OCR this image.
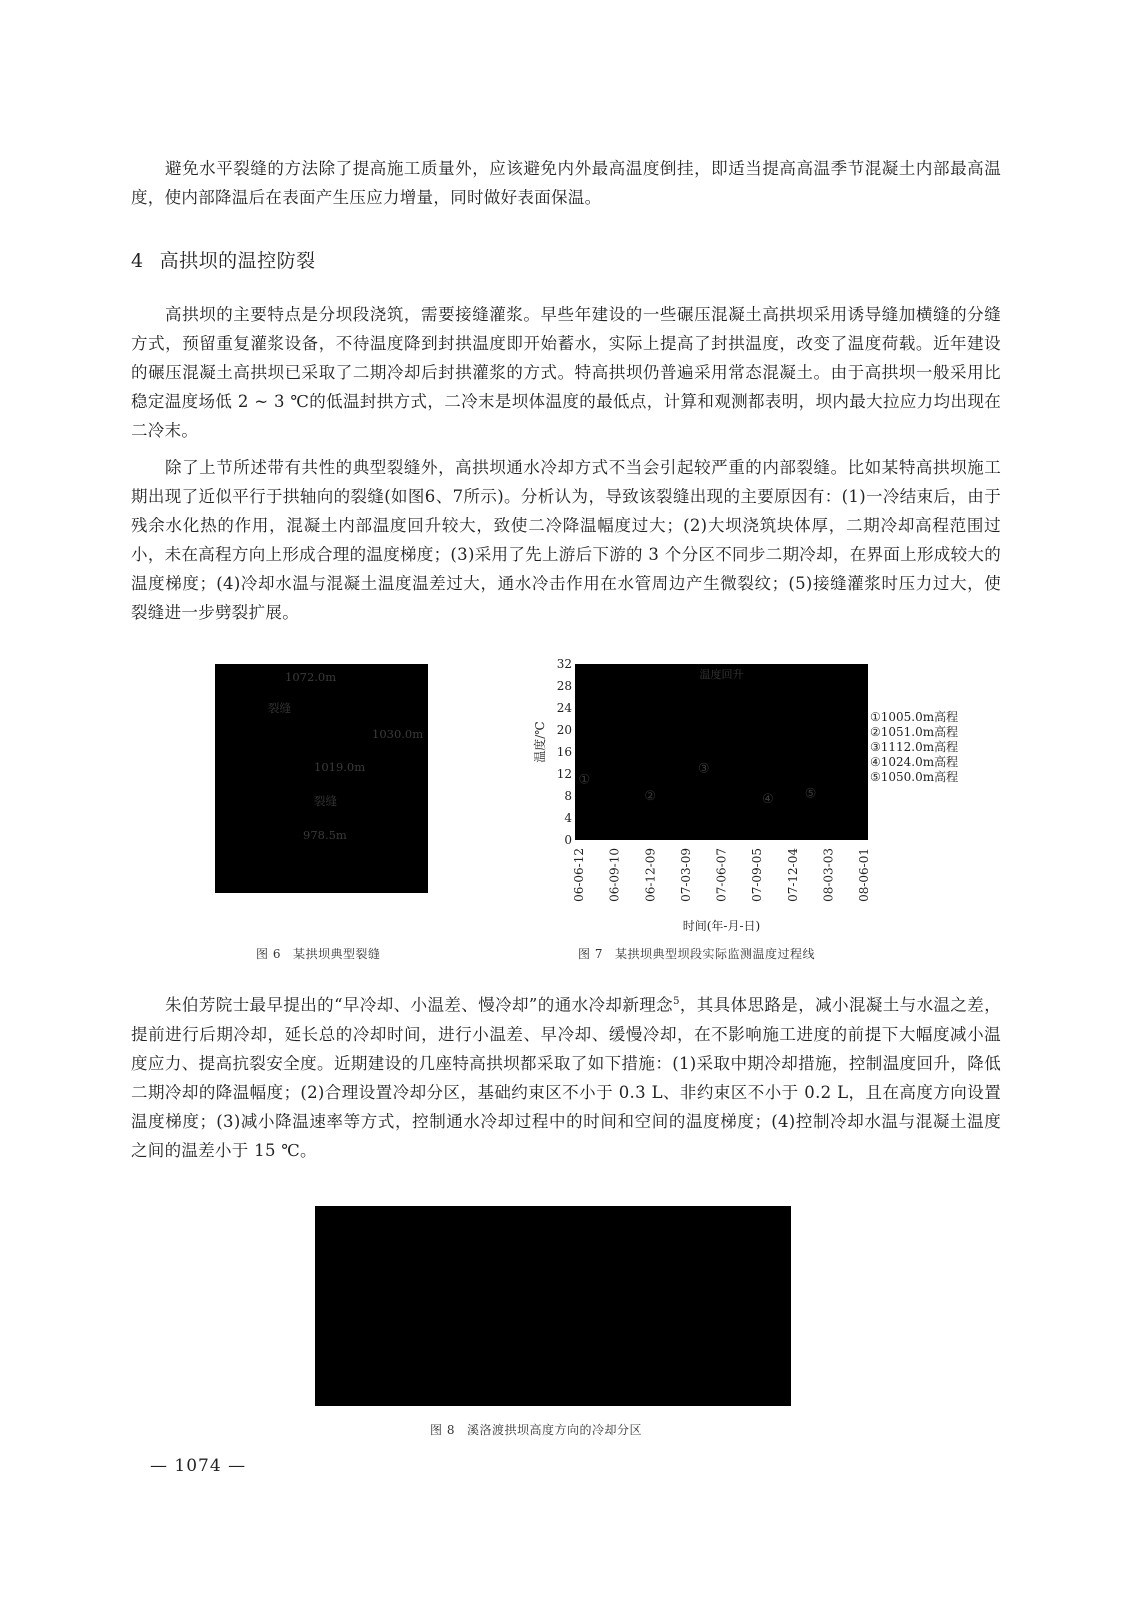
避免水平裂缝的方法除了提高施工质量外，应该避免内外最高温度倒挂，即适当提高高温季节混凝土内部最高温度，使内部降温后在表面产生压应力增量，同时做好表面保温。

4 高拱坝的温控防裂

高拱坝的主要特点是分坝段浇筑，需要接缝灌浆。早些年建设的一些碾压混凝土高拱坝采用诱导缝加横缝的分缝方式，预留重复灌浆设备，不待温度降到封拱温度即开始蓄水，实际上提高了封拱温度，改变了温度荷载。近年建设的碾压混凝土高拱坝已采取了二期冷却后封拱灌浆的方式。特高拱坝仍普遍采用常态混凝土。由于高拱坝一般采用比稳定温度场低 2 ~ 3 ℃的低温封拱方式，二冷末是坝体温度的最低点，计算和观测都表明，坝内最大拉应力均出现在二冷末。

除了上节所述带有共性的典型裂缝外，高拱坝通水冷却方式不当会引起较严重的内部裂缝。比如某特高拱坝施工期出现了近似平行于拱轴向的裂缝(如图6、7所示)。分析认为，导致该裂缝出现的主要原因有：(1)一冷结束后，由于残余水化热的作用，混凝土内部温度回升较大，致使二冷降温幅度过大；(2)大坝浇筑块体厚，二期冷却高程范围过小，未在高程方向上形成合理的温度梯度；(3)采用了先上游后下游的 3 个分区不同步二期冷却，在界面上形成较大的温度梯度；(4)冷却水温与混凝土温度温差过大，通水冷击作用在水管周边产生微裂纹；(5)接缝灌浆时压力过大，使裂缝进一步劈裂扩展。

1072.0m
裂缝
1030.0m
1019.0m
裂缝
978.5m
温度回升
0
4
8
12
16
20
24
28
32
温度/℃
06-06-12 06-09-10 06-12-09 07-03-09 07-06-07 07-09-05 07-12-04 08-03-03 08-06-01
时间(年-月-日)
①
②
③
④ ⑤
①1005.0m高程
②1051.0m高程
③1112.0m高程
④1024.0m高程
⑤1050.0m高程
图 6 某拱坝典型裂缝	图 7 某拱坝典型坝段实际监测温度过程线

朱伯芳院士最早提出的“早冷却、小温差、慢冷却”的通水冷却新理念$^5$，其具体思路是，减小混凝土与水温之差，提前进行后期冷却，延长总的冷却时间，进行小温差、早冷却、缓慢冷却，在不影响施工进度的前提下大幅度减小温度应力、提高抗裂安全度。近期建设的几座特高拱坝都采取了如下措施：(1)采取中期冷却措施，控制温度回升，降低二期冷却的降温幅度；(2)合理设置冷却分区，基础约束区不小于 0.3 L、非约束区不小于 0.2 L，且在高度方向设置温度梯度；(3)减小降温速率等方式，控制通水冷却过程中的时间和空间的温度梯度；(4)控制冷却水温与混凝土温度之间的温差小于 15 ℃。

图 8 溪洛渡拱坝高度方向的冷却分区
— 1074 —
